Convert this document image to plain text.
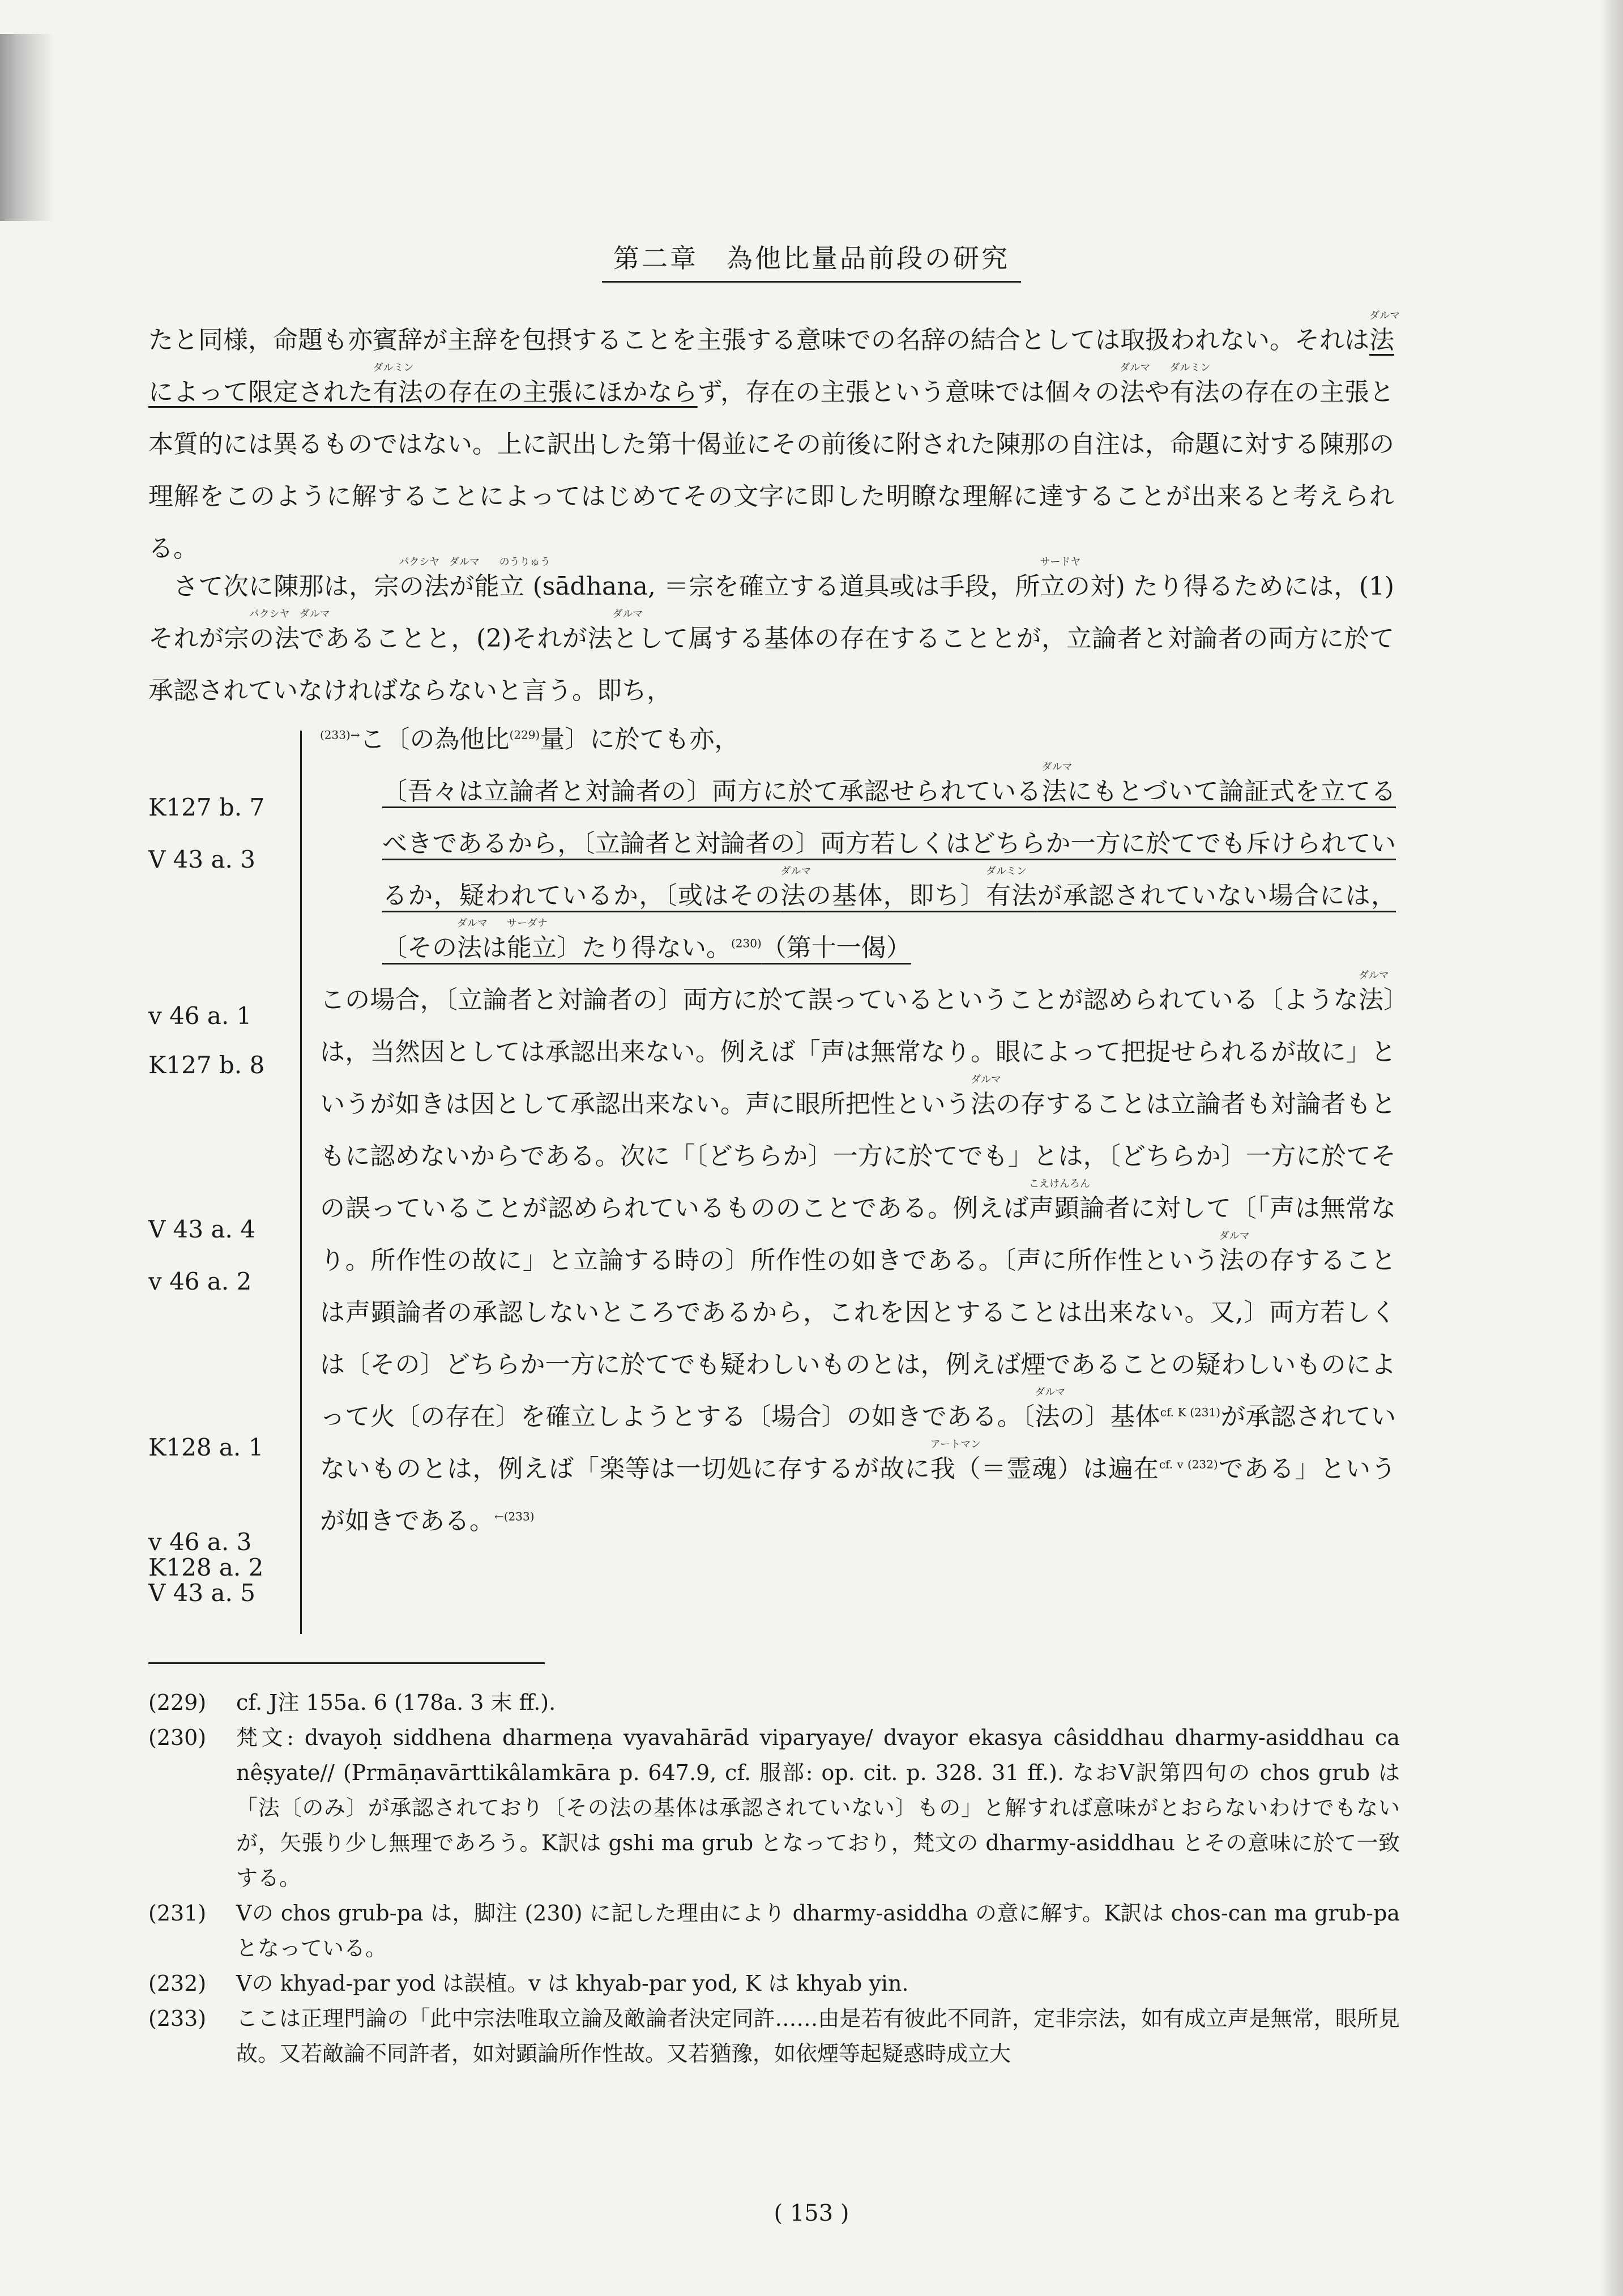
第二章　為他比量品前段の研究
たと同様，命題も亦賓辞が主辞を包摂することを主張する意味での名辞の結合としては取扱われない。それはダルマ 法によって限定されたダルミン 有法の存在の主張にほかならず，存在の主張という意味では個々のダルマ 法やダルミン 有法の存在の主張と本質的には異るものではない。上に訳出した第十偈並にその前後に附された陳那の自注は，命題に対する陳那の理解をこのように解することによってはじめてその文字に即した明瞭な理解に達することが出来ると考えられる。
さて次に陳那は，パクシヤ 宗のダルマ 法がのうりゅう 能立 (sādhana, ＝宗を確立する道具或は手段，サードヤ 所立の対) たり得るためには，(1)それがパクシヤ 宗のダルマ 法であることと，(2)それがダルマ 法として属する基体の存在することとが，立論者と対論者の両方に於て承認されていなければならないと言う。即ち，
K127 b. 7
V 43 a. 3
v 46 a. 1
K127 b. 8
V 43 a. 4
v 46 a. 2
K128 a. 1
v 46 a. 3
K128 a. 2
V 43 a. 5
$^{(233)\to}$こ〔の為他比$^{(229)}$量〕に於ても亦，
〔吾々は立論者と対論者の〕両方に於て承認せられているダルマ 法にもとづいて論証式を立てるべきであるから，〔立論者と対論者の〕両方若しくはどちらか一方に於てでも斥けられているか，疑われているか，〔或はそのダルマ 法の基体，即ち〕ダルミン 有法が承認されていない場合には，〔そのダルマ 法はサーダナ 能立〕たり得ない。$^{(230)}$（第十一偈）
この場合，〔立論者と対論者の〕両方に於て誤っているということが認められている〔ようなダルマ 法〕は，当然因としては承認出来ない。例えば「声は無常なり。眼によって把捉せられるが故に」というが如きは因として承認出来ない。声に眼所把性というダルマ 法の存することは立論者も対論者もともに認めないからである。次に「〔どちらか〕一方に於てでも」とは，〔どちらか〕一方に於てその誤っていることが認められているもののことである。例えばこえけんろん 声顕論者に対して〔「声は無常なり。所作性の故に」と立論する時の〕所作性の如きである。〔声に所作性というダルマ 法の存することは声顕論者の承認しないところであるから，これを因とすることは出来ない。又,〕両方若しくは〔その〕どちらか一方に於てでも疑わしいものとは，例えば煙であることの疑わしいものによって火〔の存在〕を確立しようとする〔場合〕の如きである。〔ダルマ 法の〕基体$^{cf. K (231)}$が承認されていないものとは，例えば「楽等は一切処に存するが故にアートマン 我（＝霊魂）は遍在$^{cf. v (232)}$である」というが如きである。$^{\leftarrow(233)}$
(229)	cf. J注 155a. 6 (178a. 3 末 ff.).
(230)	梵文: dvayoḥ siddhena dharmeṇa vyavahārād viparyaye/ dvayor ekasya câsiddhau dharmy-asiddhau ca nêṣyate// (Prmāṇavārttikâlamkāra p. 647.9, cf. 服部: op. cit. p. 328. 31 ff.). なおV訳第四句の chos grub は「法〔のみ〕が承認されており〔その法の基体は承認されていない〕もの」と解すれば意味がとおらないわけでもないが，矢張り少し無理であろう。K訳は gshi ma grub となっており，梵文の dharmy-asiddhau とその意味に於て一致する。
(231)	Vの chos grub-pa は，脚注 (230) に記した理由により dharmy-asiddha の意に解す。K訳は chos-can ma grub-pa となっている。
(232)	Vの khyad-par yod は誤植。v は khyab-par yod, K は khyab yin.
(233)	ここは正理門論の「此中宗法唯取立論及敵論者決定同許……由是若有彼此不同許，定非宗法，如有成立声是無常，眼所見故。又若敵論不同許者，如対顕論所作性故。又若猶豫，如依煙等起疑惑時成立大
( 153 )
